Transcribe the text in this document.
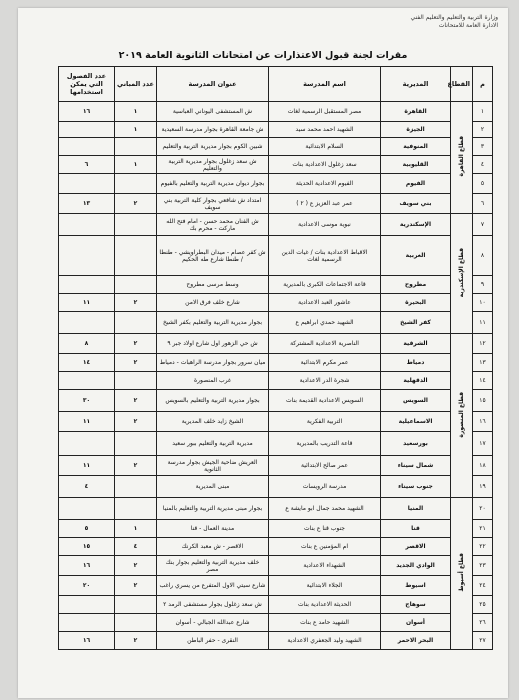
وزارة التربية والتعليم والتعليم الفني
الادارة العامة للامتحانات
مقرات لجنة قبول الاعتذارات عن امتحانات الثانوية العامة ٢٠١٩
م	القطاع	المديرية	اسم المدرسة	عنوان المدرسة	عدد المباني	عدد الفصول التي يمكن استخدامها
١	قطاع القاهرة	القاهرة	مصر المستقبل الرسمية لغات	ش المستشفى اليوناني العباسية	١	١٦
٢		الجيزة	الشهيد احمد محمد سيد	ش جامعة القاهرة بجوار مدرسة السعيدية	١	
٣		المنوفية	السلام الابتدائية	شبين الكوم بجوار مديرية التربية والتعليم		
٤		القليوبية	سعد زغلول الاعدادية بنات	ش سعد زغلول بجوار مديرية التربية والتعليم	١	٦
٥		الفيوم	الفيوم الاعدادية الحديثة	بجوار ديوان مديرية التربية والتعليم بالفيوم		
٦		بني سويف	عمر عبد العزيز ع ( ٢ )	امتداد ش شافعي بجوار كلية التربية بني سويف	٢	١٣
٧	قطاع الإسكندرية	الإسكندرية	نبوية موسى الاعدادية	ش الفنان محمد حسن - امام فتح الله ماركت - محرم بك		
٨		الغربية	الاقباط الاعدادية بنات / غيات الدين الرسمية لغات	ش كفر عصام - ميدان البطراويشي - طنطا / طنطا شارع طه الحكيم		
٩		مطروح	قاعة الاجتماعات الكبرى بالمديرية	وسط مرسى مطروح		
١٠		البحيرة	عاشور العبد الاعدادية	شارع خلف فرق الامن	٢	١١
١١		كفر الشيخ	الشهيد حمدي ابراهيم ع	بجوار مديرية التربية والتعليم بكفر الشيخ		
١٢	قطاع المنصورة	الشرقية	الناصرية الاعدادية المشتركة	ش حي الزهور اول شارع اولاد جبر ٩	٢	٨
١٣		دمياط	عمر مكرم الابتدائية	ميان سرور بجوار مدرسة الراهبات - دمياط	٢	١٤
١٤		الدقهلية	شجرة الدر الاعدادية	غرب المنصورة		
١٥		السويس	السويس الاعدادية القديمة بنات	بجوار مديرية التربية والتعليم بالسويس	٢	٣٠
١٦		الاسماعيلية	التربية الفكرية	الشيخ زايد خلف المديرية	٢	١١
١٧		بورسعيد	قاعة التدريب بالمديرية	مديرية التربية والتعليم ببور سعيد		
١٨		شمال سيناء	عمر صالح الابتدائية	العريش ضاحية الجيش بجوار مدرسة الثانوية	٢	١١
١٩		جنوب سيناء	مدرسة الرويسات	مبنى المديرية		٤
٢٠	قطاع أسيوط	المنيا	الشهيد محمد جمال ابو مايشة ع	بجوار مبنى مديرية التربية والتعليم بالمنيا		
٢١		قنا	جنوب قنا ع بنات	مدينة العمال - قنا	١	٥
٢٢		الاقصر	ام المؤمنين ع بنات	الاقصر - ش معبد الكرنك	٤	١٥
٢٣		الوادي الجديد	الشهداء الاعدادية	خلف مديرية التربية والتعليم بجوار بنك مصر	٢	١٦
٢٤		اسيوط	الجلاء الابتدائية	شارع سيتي الاول المتفرع من يسري راغب	٢	٢٠
٢٥		سوهاج	الحديثة الاعدادية بنات	ش سعد زغلول بجوار مستشفى الرمد ٢		
٢٦		أسوان	الشهيد حامد ع بنات	شارع عبدالله الجبالي - أسوان		
٢٧		البحر الاحمر	الشهيد وليد الجعفري الاعدادية	النقرى - حفر الباطن	٢	١٦
